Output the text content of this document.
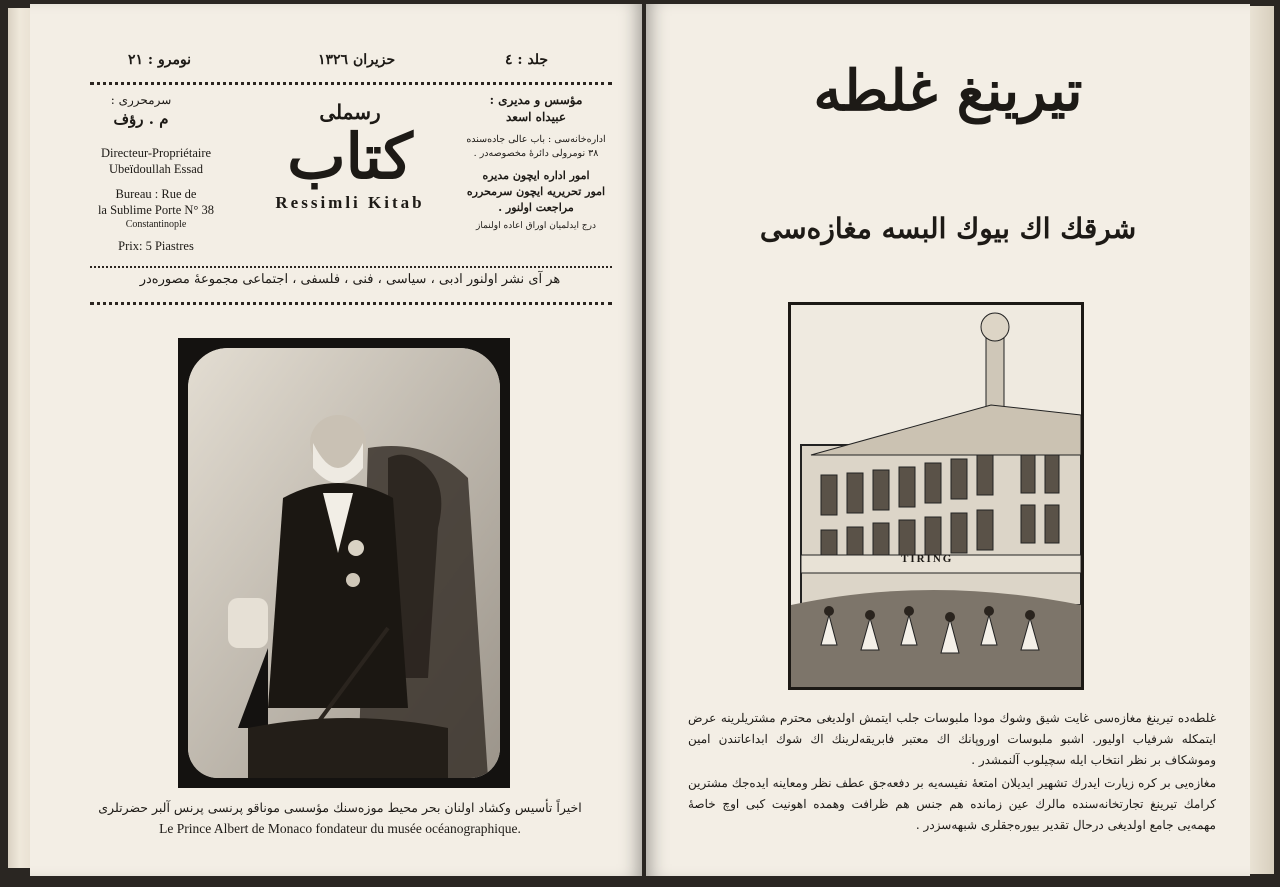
نومرو : ٢١	حزیران ١٣٢٦	جلد : ٤
سرمحرری :
م . رؤف
Directeur-Propriétaire
Ubeïdoullah Essad
Bureau : Rue de
la Sublime Porte N° 38
Constantinople
Prix: 5 Piastres
رسملی
کتاب
Ressimli Kitab
مؤسس و مدیری :
عبیداه اسعد
اداره‌خانه‌سی : باب عالی جاده‌سنده
٣٨ نومرولی دائرۀ مخصوصه‌در .
امور اداره ایچون مدیره
امور تحریریه ایچون سرمحرره
مراجعت اولنور .
درج ایدلمیان اوراق اعاده اولنماز
هر آی نشر اولنور ادبی ، سیاسی ، فنی ، فلسفی ، اجتماعی مجموعهٔ مصوره‌در
اخیراً تأسیس وکشاد اولنان بحر محیط موزه‌سنك مؤسسی موناقو پرنسی پرنس آلبر حضرتلری
Le Prince Albert de Monaco fondateur du musée océanographique.
تیرینغ غلطه
شرقك اك بیوك البسه مغازه‌سی
TIRING

غلطه‌ده تیرینغ مغازه‌سی غایت شیق وشوك مودا ملبوسات جلب ایتمش اولدیغی محترم مشتریلرینه عرض ایتمکله شرفیاب اولیور. اشبو ملبوسات اوروپانك اك معتبر فابریقه‌لرینك اك شوك ابداعاتندن امین وموشکاف بر نظر انتخاب ایله سچیلوب آلنمشدر .

مغازه‌یی بر کره زیارت ایدرك تشهیر ایدیلان امتعهٔ نفیسه‌یه بر دفعه‌جق عطف نظر ومعاینه ایده‌جك مشترین کرامك تیرینغ تجارتخانه‌سنده مالرك عین زمانده هم جنس هم ظرافت وهمده اهونیت کبی اوچ خاصهٔ مهمه‌یی جامع اولدیغی درحال تقدیر بیوره‌جقلری شبهه‌سزدر .
